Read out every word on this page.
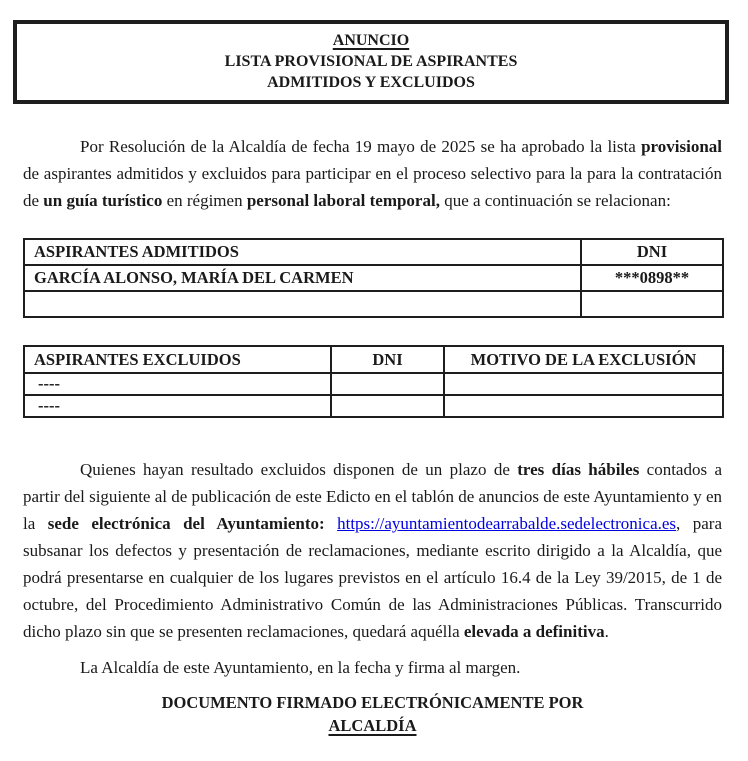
ANUNCIO
LISTA PROVISIONAL DE ASPIRANTES
ADMITIDOS Y EXCLUIDOS

Por Resolución de la Alcaldía de fecha 19 mayo de 2025 se ha aprobado la lista provisional de aspirantes admitidos y excluidos para participar en el proceso selectivo para la para la contratación de un guía turístico en régimen personal laboral temporal, que a continuación se relacionan:

ASPIRANTES ADMITIDOS	DNI
GARCÍA ALONSO, MARÍA DEL CARMEN	***0898**

ASPIRANTES EXCLUIDOS	DNI	MOTIVO DE LA EXCLUSIÓN
----		
----		

Quienes hayan resultado excluidos disponen de un plazo de tres días hábiles contados a partir del siguiente al de publicación de este Edicto en el tablón de anuncios de este Ayuntamiento y en la sede electrónica del Ayuntamiento: https://ayuntamientodearrabalde.sedelectronica.es, para subsanar los defectos y presentación de reclamaciones, mediante escrito dirigido a la Alcaldía, que podrá presentarse en cualquier de los lugares previstos en el artículo 16.4 de la Ley 39/2015, de 1 de octubre, del Procedimiento Administrativo Común de las Administraciones Públicas. Transcurrido dicho plazo sin que se presenten reclamaciones, quedará aquélla elevada a definitiva.

La Alcaldía de este Ayuntamiento, en la fecha y firma al margen.

DOCUMENTO FIRMADO ELECTRÓNICAMENTE POR
ALCALDÍA
